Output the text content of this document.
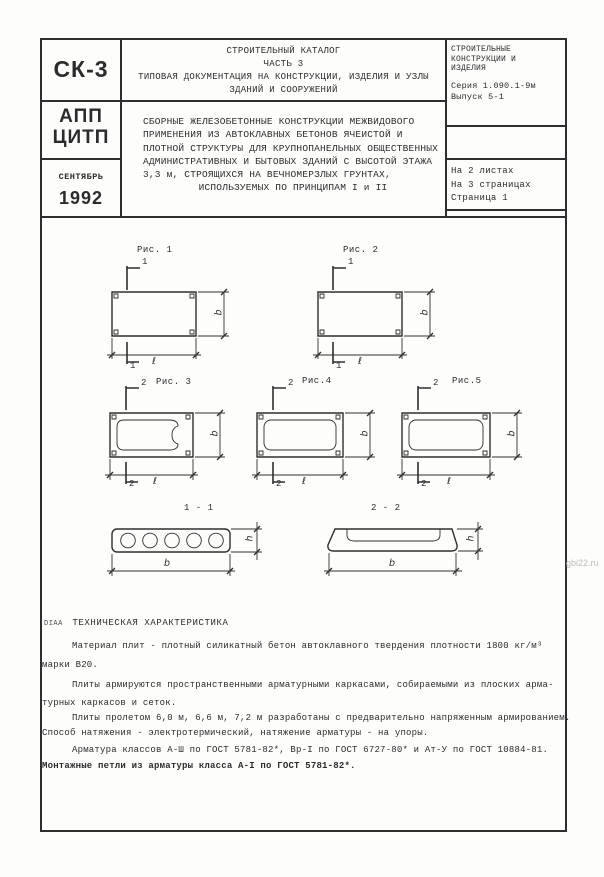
СК-3
СТРОИТЕЛЬНЫЙ КАТАЛОГ
ЧАСТЬ 3
ТИПОВАЯ ДОКУМЕНТАЦИЯ НА КОНСТРУКЦИИ, ИЗДЕЛИЯ И УЗЛЫ
ЗДАНИЙ И СООРУЖЕНИЙ
СТРОИТЕЛЬНЫЕ
КОНСТРУКЦИИ И
ИЗДЕЛИЯ
Серия 1.090.1-9м
Выпуск 5-1
АПП
ЦИТП
СЕНТЯБРЬ
1992
СБОРНЫЕ ЖЕЛЕЗОБЕТОННЫЕ КОНСТРУКЦИИ МЕЖВИДОВОГО
ПРИМЕНЕНИЯ ИЗ АВТОКЛАВНЫХ БЕТОНОВ ЯЧЕИСТОЙ И
ПЛОТНОЙ СТРУКТУРЫ ДЛЯ КРУПНОПАНЕЛЬНЫХ ОБЩЕСТВЕННЫХ
АДМИНИСТРАТИВНЫХ И БЫТОВЫХ ЗДАНИЙ С ВЫСОТОЙ ЭТАЖА
3,3 м, СТРОЯЩИХСЯ НА ВЕЧНОМЕРЗЛЫХ ГРУНТАХ,
ИСПОЛЬЗУЕМЫХ ПО ПРИНЦИПАМ I и II
На 2 листах
На 3 страницах
Страница 1
Рис. 1	Рис. 2
Рис. 3	Рис.4	Рис.5
1 - 1	2 - 2
1
1 ℓ
b
1
1 ℓ
b
2
2 ℓ
b
2
2 ℓ
b
2
2 ℓ
b
b
h
b
h
DIAA ТЕХНИЧЕСКАЯ ХАРАКТЕРИСТИКА
Материал плит - плотный силикатный бетон автоклавного твердения плотности 1800 кг/м³
марки В20.
Плиты армируются пространственными арматурными каркасами, собираемыми из плоских арма-
турных каркасов и сеток.
Плиты пролетом 6,0 м, 6,6 м, 7,2 м разработаны с предварительно напряженным армированием.
Способ натяжения - электротермический, натяжение арматуры - на упоры.
Арматура классов А-Ш по ГОСТ 5781-82*, Вр-I по ГОСТ 6727-80* и Ат-У по ГОСТ 10884-81.
Монтажные петли из арматуры класса А-I по ГОСТ 5781-82*.
gbi22.ru
